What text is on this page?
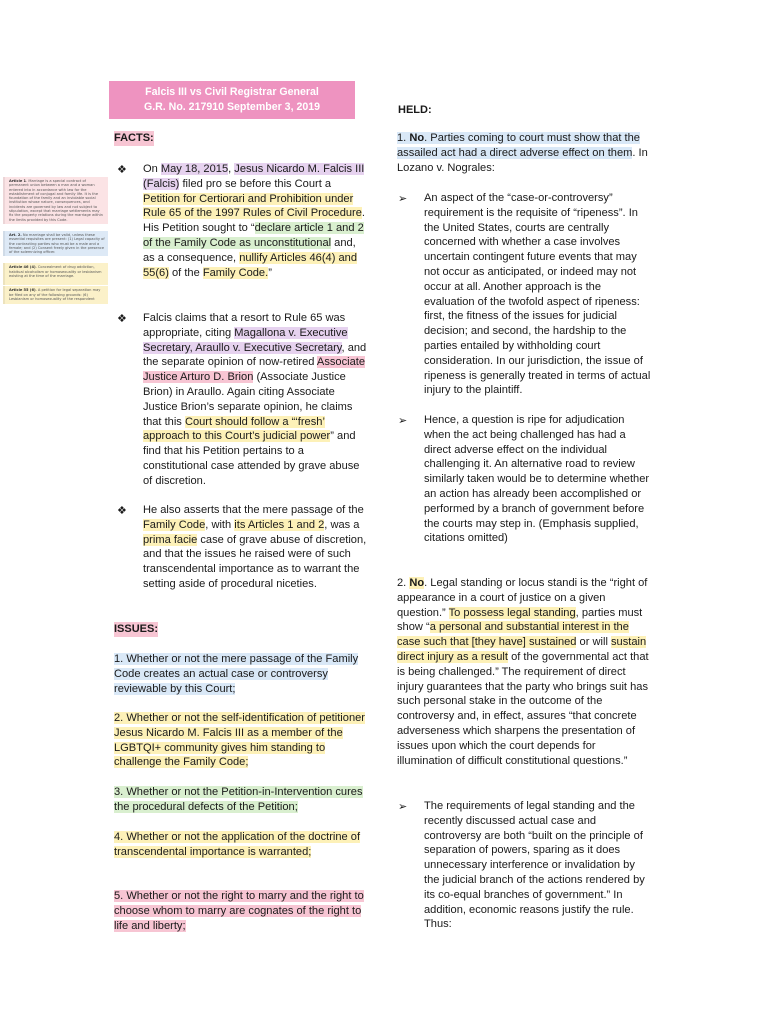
Falcis III vs Civil Registrar General
G.R. No. 217910 September 3, 2019
FACTS:
❖ On May 18, 2015, Jesus Nicardo M. Falcis III (Falcis) filed pro se before this Court a Petition for Certiorari and Prohibition under Rule 65 of the 1997 Rules of Civil Procedure. His Petition sought to “declare article 1 and 2 of the Family Code as unconstitutional and, as a consequence, nullify Articles 46(4) and 55(6) of the Family Code.”

❖ Falcis claims that a resort to Rule 65 was appropriate, citing Magallona v. Executive Secretary, Araullo v. Executive Secretary, and the separate opinion of now-retired Associate Justice Arturo D. Brion (Associate Justice Brion) in Araullo. Again citing Associate Justice Brion’s separate opinion, he claims that this Court should follow a “‘fresh’ approach to this Court’s judicial power” and find that his Petition pertains to a constitutional case attended by grave abuse of discretion.

❖ He also asserts that the mere passage of the Family Code, with its Articles 1 and 2, was a prima facie case of grave abuse of discretion, and that the issues he raised were of such transcendental importance as to warrant the setting aside of procedural niceties.

Article 1. Marriage is a special contract of permanent union between a man and a woman entered into in accordance with law for the establishment of conjugal and family life. It is the foundation of the family and an inviolable social institution whose nature, consequences, and incidents are governed by law and not subject to stipulation, except that marriage settlements may fix the property relations during the marriage within the limits provided by this Code.
Art. 2. No marriage shall be valid, unless these essential requisites are present: (1) Legal capacity of the contracting parties who must be a male and a female; and (2) Consent freely given in the presence of the solemnizing officer.
Article 46 (4). Concealment of drug addiction, habitual alcoholism or homosexuality or lesbianism existing at the time of the marriage.
Article 55 (6). A petition for legal separation may be filed on any of the following grounds: (6) Lesbianism or homosexuality of the respondent
ISSUES:

1. Whether or not the mere passage of the Family Code creates an actual case or controversy reviewable by this Court;

2. Whether or not the self-identification of petitioner Jesus Nicardo M. Falcis III as a member of the LGBTQI+ community gives him standing to challenge the Family Code;

3. Whether or not the Petition-in-Intervention cures the procedural defects of the Petition;

4. Whether or not the application of the doctrine of transcendental importance is warranted;

5. Whether or not the right to marry and the right to choose whom to marry are cognates of the right to life and liberty;

HELD:

1. No. Parties coming to court must show that the assailed act had a direct adverse effect on them. In Lozano v. Nograles:

➢ An aspect of the “case-or-controversy” requirement is the requisite of “ripeness”. In the United States, courts are centrally concerned with whether a case involves uncertain contingent future events that may not occur as anticipated, or indeed may not occur at all. Another approach is the evaluation of the twofold aspect of ripeness: first, the fitness of the issues for judicial decision; and second, the hardship to the parties entailed by withholding court consideration. In our jurisdiction, the issue of ripeness is generally treated in terms of actual injury to the plaintiff.

➢ Hence, a question is ripe for adjudication when the act being challenged has had a direct adverse effect on the individual challenging it. An alternative road to review similarly taken would be to determine whether an action has already been accomplished or performed by a branch of government before the courts may step in. (Emphasis supplied, citations omitted)

2. No. Legal standing or locus standi is the “right of appearance in a court of justice on a given question.” To possess legal standing, parties must show “a personal and substantial interest in the case such that [they have] sustained or will sustain direct injury as a result of the governmental act that is being challenged.” The requirement of direct injury guarantees that the party who brings suit has such personal stake in the outcome of the controversy and, in effect, assures “that concrete adverseness which sharpens the presentation of issues upon which the court depends for illumination of difficult constitutional questions.”

➢ The requirements of legal standing and the recently discussed actual case and controversy are both “built on the principle of separation of powers, sparing as it does unnecessary interference or invalidation by the judicial branch of the actions rendered by its co-equal branches of government.” In addition, economic reasons justify the rule. Thus:
